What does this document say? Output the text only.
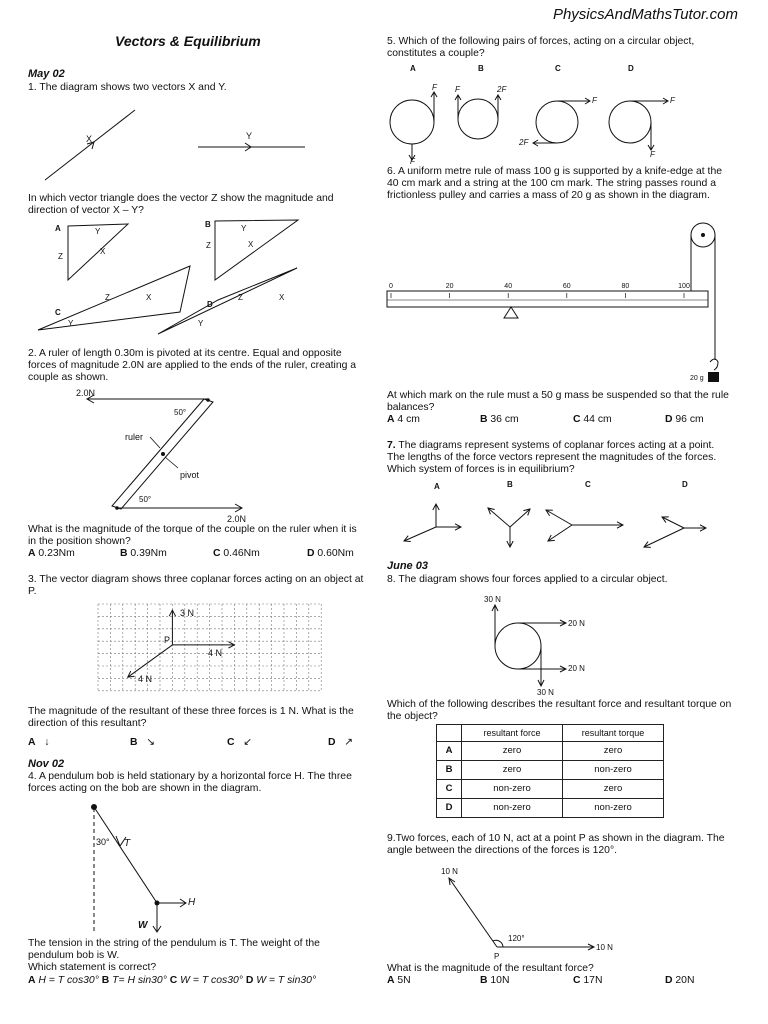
PhysicsAndMathsTutor.com
Vectors & Equilibrium
May 02
1. The diagram shows two vectors X and Y.
X	Y
In which vector triangle does the vector Z show the magnitude and direction of vector X – Y?
A	Y
X
Z
B	Y
X
Z
C
Z	X
Y
D
Z	X
Y
2. A ruler of length 0.30m is pivoted at its centre. Equal and opposite forces of magnitude 2.0N are applied to the ends of the ruler, creating a couple as shown.
2.0N
50°
ruler
pivot
50°
2.0N
What is the magnitude of the torque of the couple on the ruler when it is in the position shown?
A 0.23Nm	B 0.39Nm	C 0.46Nm	D 0.60Nm
3. The vector diagram shows three coplanar forces acting on an object at P.
3 N
P
4 N
4 N
The magnitude of the resultant of these three forces is 1 N. What is the direction of this resultant?
A ↓	B ↘	C ↙	D ↗
Nov 02
4. A pendulum bob is held stationary by a horizontal force H. The three forces acting on the bob are shown in the diagram.
30° T
H
W
The tension in the string of the pendulum is T. The weight of the pendulum bob is W.
Which statement is correct?
A H = T cos30° B T= H sin30° C W = T cos30° D W = T sin30°
5. Which of the following pairs of forces, acting on a circular object, constitutes a couple?
A	B	C	D
F
F
F	2F
F
2F
F
F
6. A uniform metre rule of mass 100 g is supported by a knife-edge at the 40 cm mark and a string at the 100 cm mark. The string passes round a frictionless pulley and carries a mass of 20 g as shown in the diagram.
0	20	40	60	80	100
20 g
At which mark on the rule must a 50 g mass be suspended so that the rule balances?
A 4 cm	B 36 cm	C 44 cm	D 96 cm
7. The diagrams represent systems of coplanar forces acting at a point. The lengths of the force vectors represent the magnitudes of the forces. Which system of forces is in equilibrium?
A	B	C	D
June 03
8. The diagram shows four forces applied to a circular object.
30 N
20 N
20 N
30 N
Which of the following describes the resultant force and resultant torque on the object?
	resultant force	resultant torque
A	zero	zero
B	zero	non-zero
C	non-zero	zero
D	non-zero	non-zero
9.Two forces, each of 10 N, act at a point P as shown in the diagram. The angle between the directions of the forces is 120°.
10 N
120°
10 N
P
What is the magnitude of the resultant force?
A 5N	B 10N	C 17N	D 20N
